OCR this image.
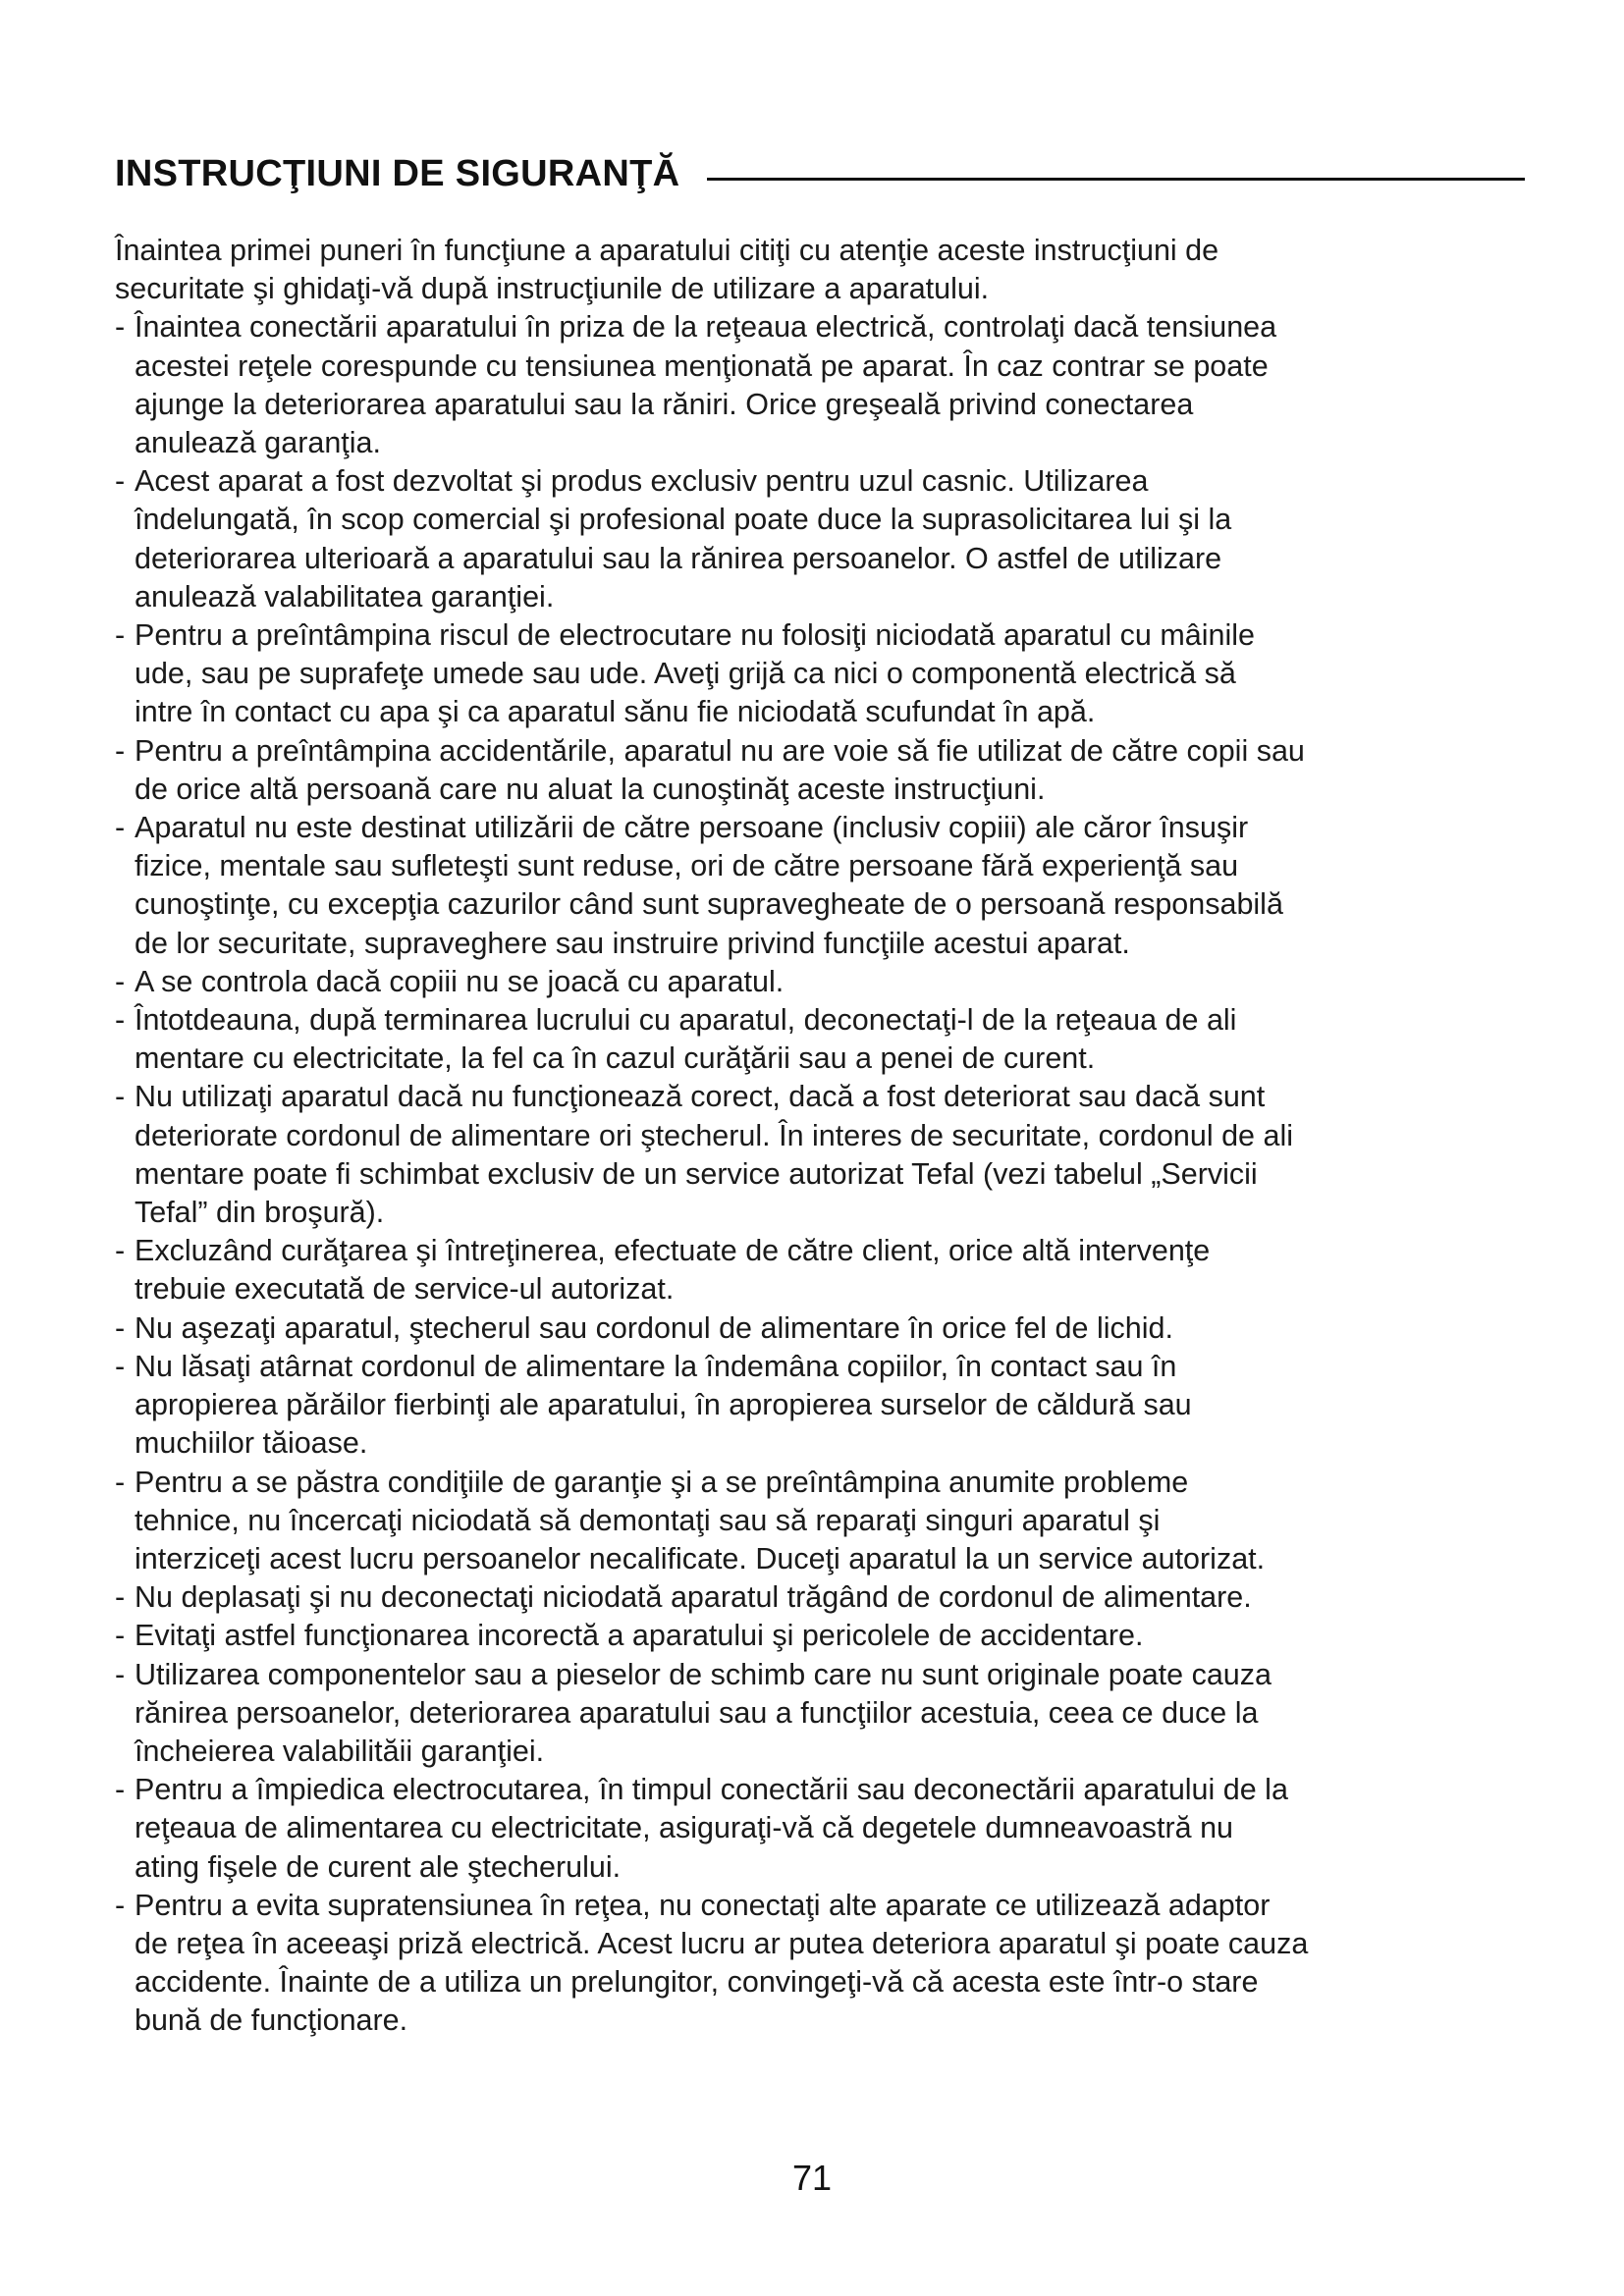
INSTRUCŢIUNI DE SIGURANŢĂ

Înaintea primei puneri în funcţiune a aparatului citiţi cu atenţie aceste instrucţiuni de
securitate şi ghidaţi-vă după instrucţiunile de utilizare a aparatului.

- Înaintea conectării aparatului în priza de la reţeaua electrică, controlaţi dacă tensiunea
acestei reţele corespunde cu tensiunea menţionată pe aparat. În caz contrar se poate
ajunge la deteriorarea aparatului sau la răniri. Orice greşeală privind conectarea
anulează garanţia.
- Acest aparat a fost dezvoltat şi produs exclusiv pentru uzul casnic. Utilizarea
îndelungată, în scop comercial şi profesional poate duce la suprasolicitarea lui şi la
deteriorarea ulterioară a aparatului sau la rănirea persoanelor. O astfel de utilizare
anulează valabilitatea garanţiei.
- Pentru a preîntâmpina riscul de electrocutare nu folosiţi niciodată aparatul cu mâinile
ude, sau pe suprafeţe umede sau ude. Aveţi grijă ca nici o componentă electrică să
intre în contact cu apa şi ca aparatul sănu fie niciodată scufundat în apă.
- Pentru a preîntâmpina accidentările, aparatul nu are voie să fie utilizat de către copii sau
de orice altă persoană care nu aluat la cunoştinăţ aceste instrucţiuni.
- Aparatul nu este destinat utilizării de către persoane (inclusiv copiii) ale căror însuşir
fizice, mentale sau sufleteşti sunt reduse, ori de către persoane fără experienţă sau
cunoştinţe, cu excepţia cazurilor când sunt supravegheate de o persoană responsabilă
de lor securitate, supraveghere sau instruire privind funcţiile acestui aparat.
- A se controla dacă copiii nu se joacă cu aparatul.
- Întotdeauna, după terminarea lucrului cu aparatul, deconectaţi-l de la reţeaua de ali
mentare cu electricitate, la fel ca în cazul curăţării sau a penei de curent.
- Nu utilizaţi aparatul dacă nu funcţionează corect, dacă a fost deteriorat sau dacă sunt
deteriorate cordonul de alimentare ori ştecherul. În interes de securitate, cordonul de ali
mentare poate fi schimbat exclusiv de un service autorizat Tefal (vezi tabelul „Servicii
Tefal” din broşură).
- Excluzând curăţarea şi întreţinerea, efectuate de către client, orice altă intervenţe
trebuie executată de service-ul autorizat.
- Nu aşezaţi aparatul, ştecherul sau cordonul de alimentare în orice fel de lichid.
- Nu lăsaţi atârnat cordonul de alimentare la îndemâna copiilor, în contact sau în
apropierea părăilor fierbinţi ale aparatului, în apropierea surselor de căldură sau
muchiilor tăioase.
- Pentru a se păstra condiţiile de garanţie şi a se preîntâmpina anumite probleme
tehnice, nu încercaţi niciodată să demontaţi sau să reparaţi singuri aparatul şi
interziceţi acest lucru persoanelor necalificate. Duceţi aparatul la un service autorizat.
- Nu deplasaţi şi nu deconectaţi niciodată aparatul trăgând de cordonul de alimentare.
- Evitaţi astfel funcţionarea incorectă a aparatului şi pericolele de accidentare.
- Utilizarea componentelor sau a pieselor de schimb care nu sunt originale poate cauza
rănirea persoanelor, deteriorarea aparatului sau a funcţiilor acestuia, ceea ce duce la
încheierea valabilităii garanţiei.
- Pentru a împiedica electrocutarea, în timpul conectării sau deconectării aparatului de la
reţeaua de alimentarea cu electricitate, asiguraţi-vă că degetele dumneavoastră nu
ating fişele de curent ale ştecherului.
- Pentru a evita supratensiunea în reţea, nu conectaţi alte aparate ce utilizează adaptor
de reţea în aceeaşi priză electrică. Acest lucru ar putea deteriora aparatul şi poate cauza
accidente. Înainte de a utiliza un prelungitor, convingeţi-vă că acesta este într-o stare
bună de funcţionare.
71
